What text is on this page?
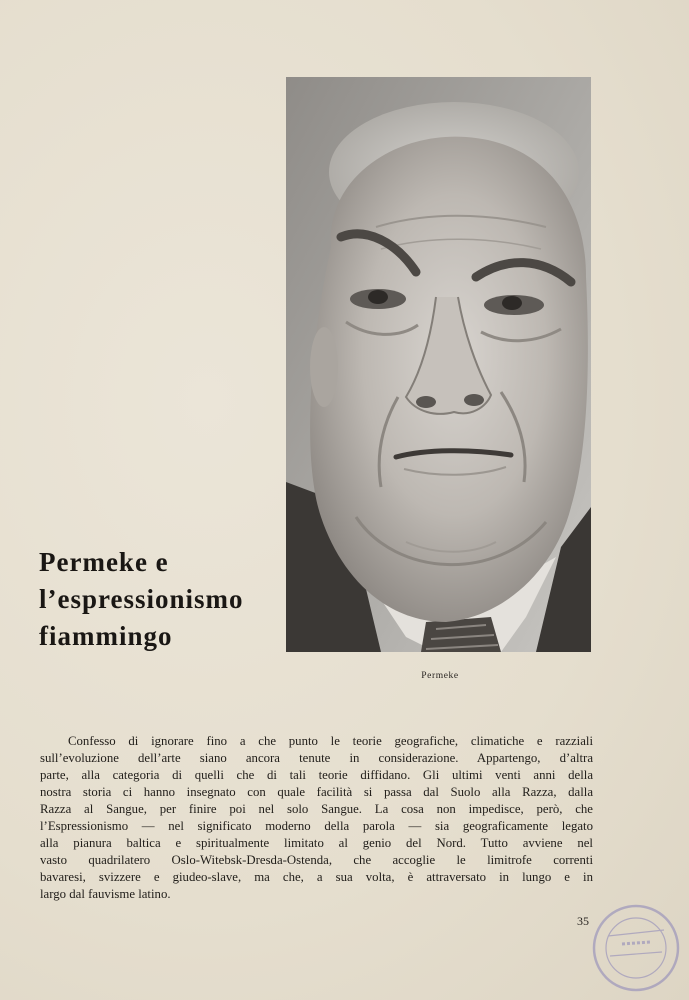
Permeke e
l’espressionismo
fiammingo
Permeke

Confesso di ignorare fino a che punto le teorie geografiche, climatiche e razziali
sull’evoluzione dell’arte siano ancora tenute in considerazione. Appartengo, d’altra
parte, alla categoria di quelli che di tali teorie diffidano. Gli ultimi venti anni della
nostra storia ci hanno insegnato con quale facilità si passa dal Suolo alla Razza, dalla
Razza al Sangue, per finire poi nel solo Sangue. La cosa non impedisce, però, che
l’Espressionismo — nel significato moderno della parola — sia geograficamente legato
alla pianura baltica e spiritualmente limitato al genio del Nord. Tutto avviene nel
vasto quadrilatero Oslo-Witebsk-Dresda-Ostenda, che accoglie le limitrofe correnti
bavaresi, svizzere e giudeo-slave, ma che, a sua volta, è attraversato in lungo e in
largo dal fauvisme latino.

35
